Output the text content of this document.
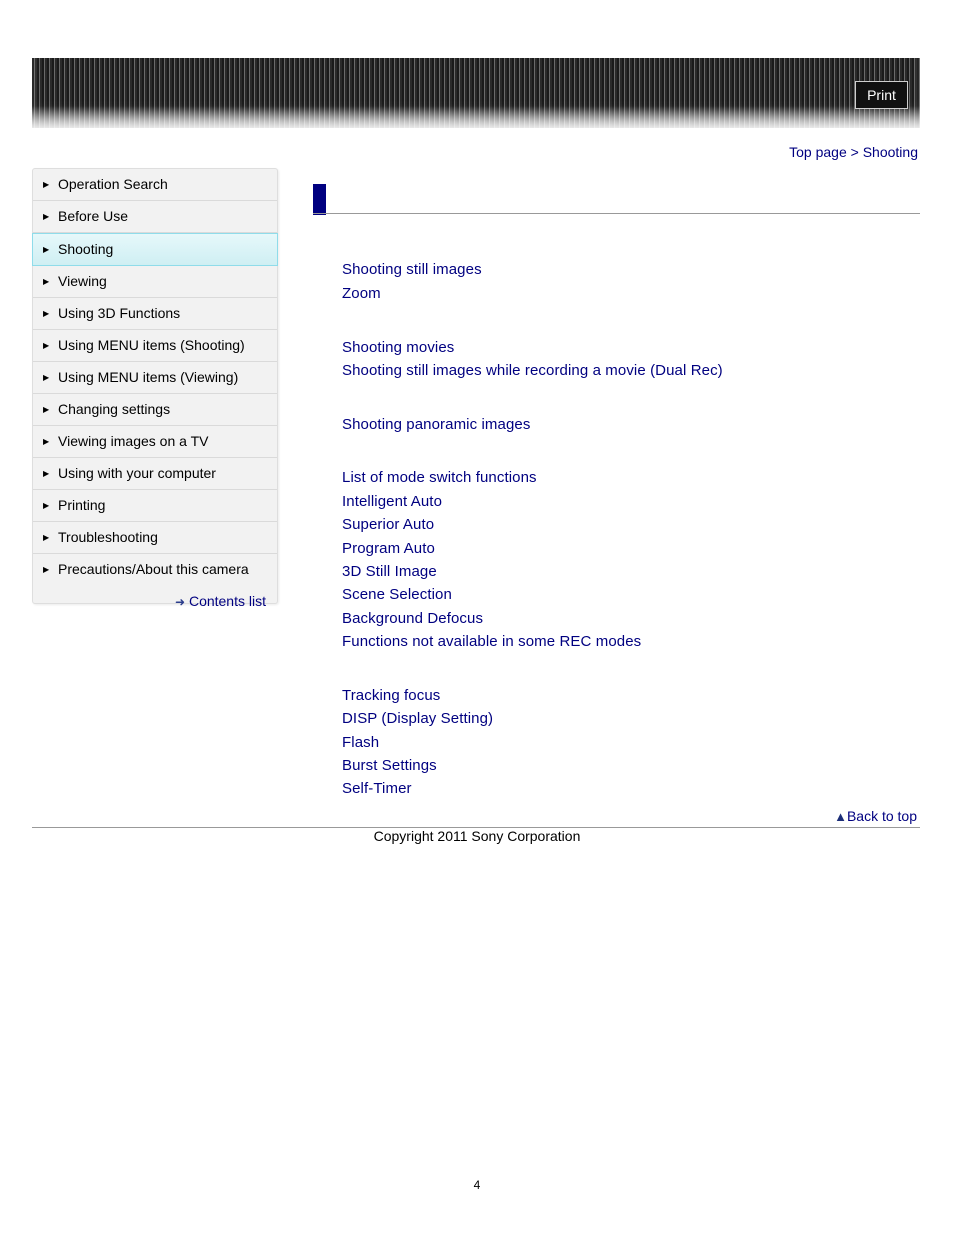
Print
Top page > Shooting
▶ Operation Search
▶ Before Use
▶ Shooting
▶ Viewing
▶ Using 3D Functions
▶ Using MENU items (Shooting)
▶ Using MENU items (Viewing)
▶ Changing settings
▶ Viewing images on a TV
▶ Using with your computer
▶ Printing
▶ Troubleshooting
▶ Precautions/About this camera
➜ Contents list
Shooting still images
Zoom
Shooting movies
Shooting still images while recording a movie (Dual Rec)
Shooting panoramic images
List of mode switch functions
Intelligent Auto
Superior Auto
Program Auto
3D Still Image
Scene Selection
Background Defocus
Functions not available in some REC modes
Tracking focus
DISP (Display Setting)
Flash
Burst Settings
Self-Timer
▲Back to top
Copyright 2011 Sony Corporation
4
